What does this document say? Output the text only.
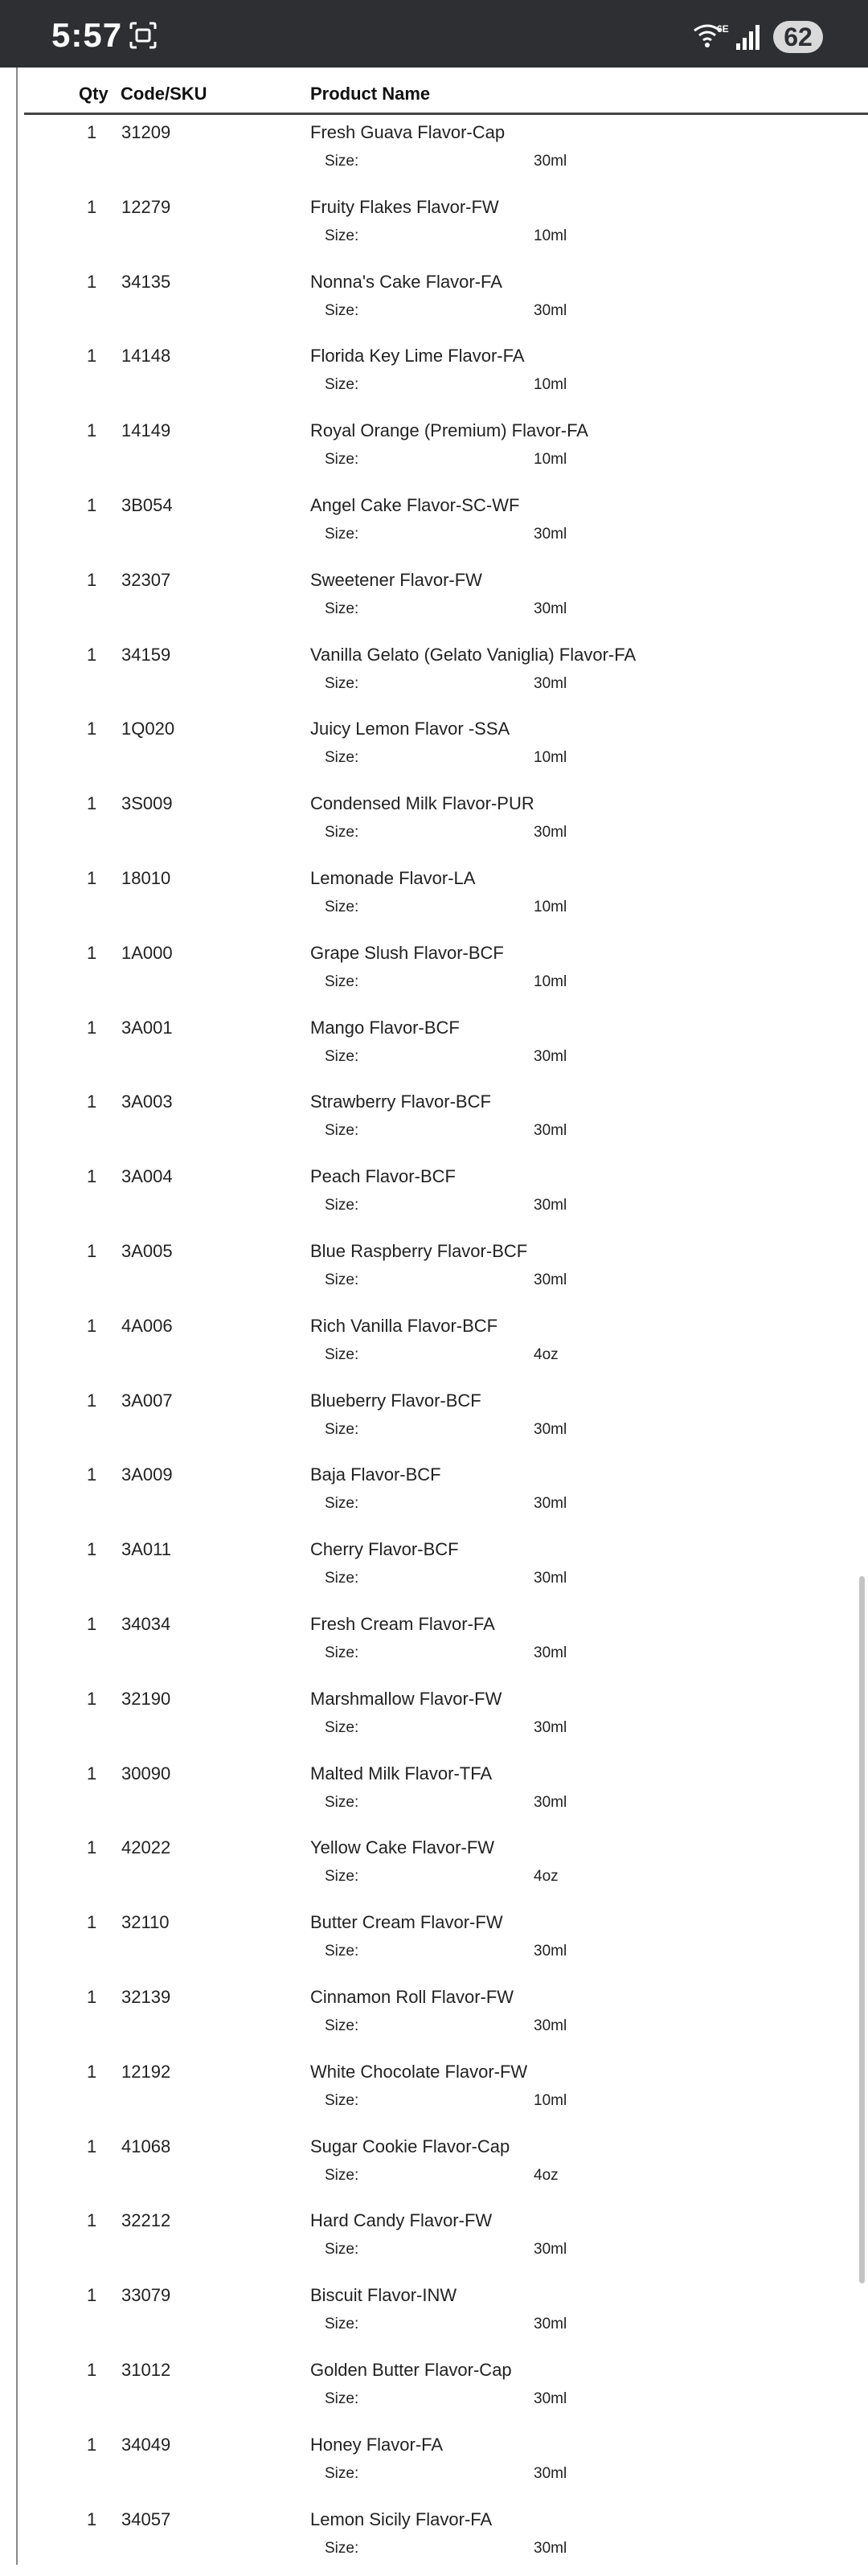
5:57	6E	62
Qty Code/SKU	Product Name
1 31209	Fresh Guava Flavor-Cap
Size:	30ml
1 12279	Fruity Flakes Flavor-FW
Size:	10ml
1 34135	Nonna's Cake Flavor-FA
Size:	30ml
1 14148	Florida Key Lime Flavor-FA
Size:	10ml
1 14149	Royal Orange (Premium) Flavor-FA
Size:	10ml
1 3B054	Angel Cake Flavor-SC-WF
Size:	30ml
1 32307	Sweetener Flavor-FW
Size:	30ml
1 34159	Vanilla Gelato (Gelato Vaniglia) Flavor-FA
Size:	30ml
1 1Q020	Juicy Lemon Flavor -SSA
Size:	10ml
1 3S009	Condensed Milk Flavor-PUR
Size:	30ml
1 18010	Lemonade Flavor-LA
Size:	10ml
1 1A000	Grape Slush Flavor-BCF
Size:	10ml
1 3A001	Mango Flavor-BCF
Size:	30ml
1 3A003	Strawberry Flavor-BCF
Size:	30ml
1 3A004	Peach Flavor-BCF
Size:	30ml
1 3A005	Blue Raspberry Flavor-BCF
Size:	30ml
1 4A006	Rich Vanilla Flavor-BCF
Size:	4oz
1 3A007	Blueberry Flavor-BCF
Size:	30ml
1 3A009	Baja Flavor-BCF
Size:	30ml
1 3A011	Cherry Flavor-BCF
Size:	30ml
1 34034	Fresh Cream Flavor-FA
Size:	30ml
1 32190	Marshmallow Flavor-FW
Size:	30ml
1 30090	Malted Milk Flavor-TFA
Size:	30ml
1 42022	Yellow Cake Flavor-FW
Size:	4oz
1 32110	Butter Cream Flavor-FW
Size:	30ml
1 32139	Cinnamon Roll Flavor-FW
Size:	30ml
1 12192	White Chocolate Flavor-FW
Size:	10ml
1 41068	Sugar Cookie Flavor-Cap
Size:	4oz
1 32212	Hard Candy Flavor-FW
Size:	30ml
1 33079	Biscuit Flavor-INW
Size:	30ml
1 31012	Golden Butter Flavor-Cap
Size:	30ml
1 34049	Honey Flavor-FA
Size:	30ml
1 34057	Lemon Sicily Flavor-FA
Size:	30ml
